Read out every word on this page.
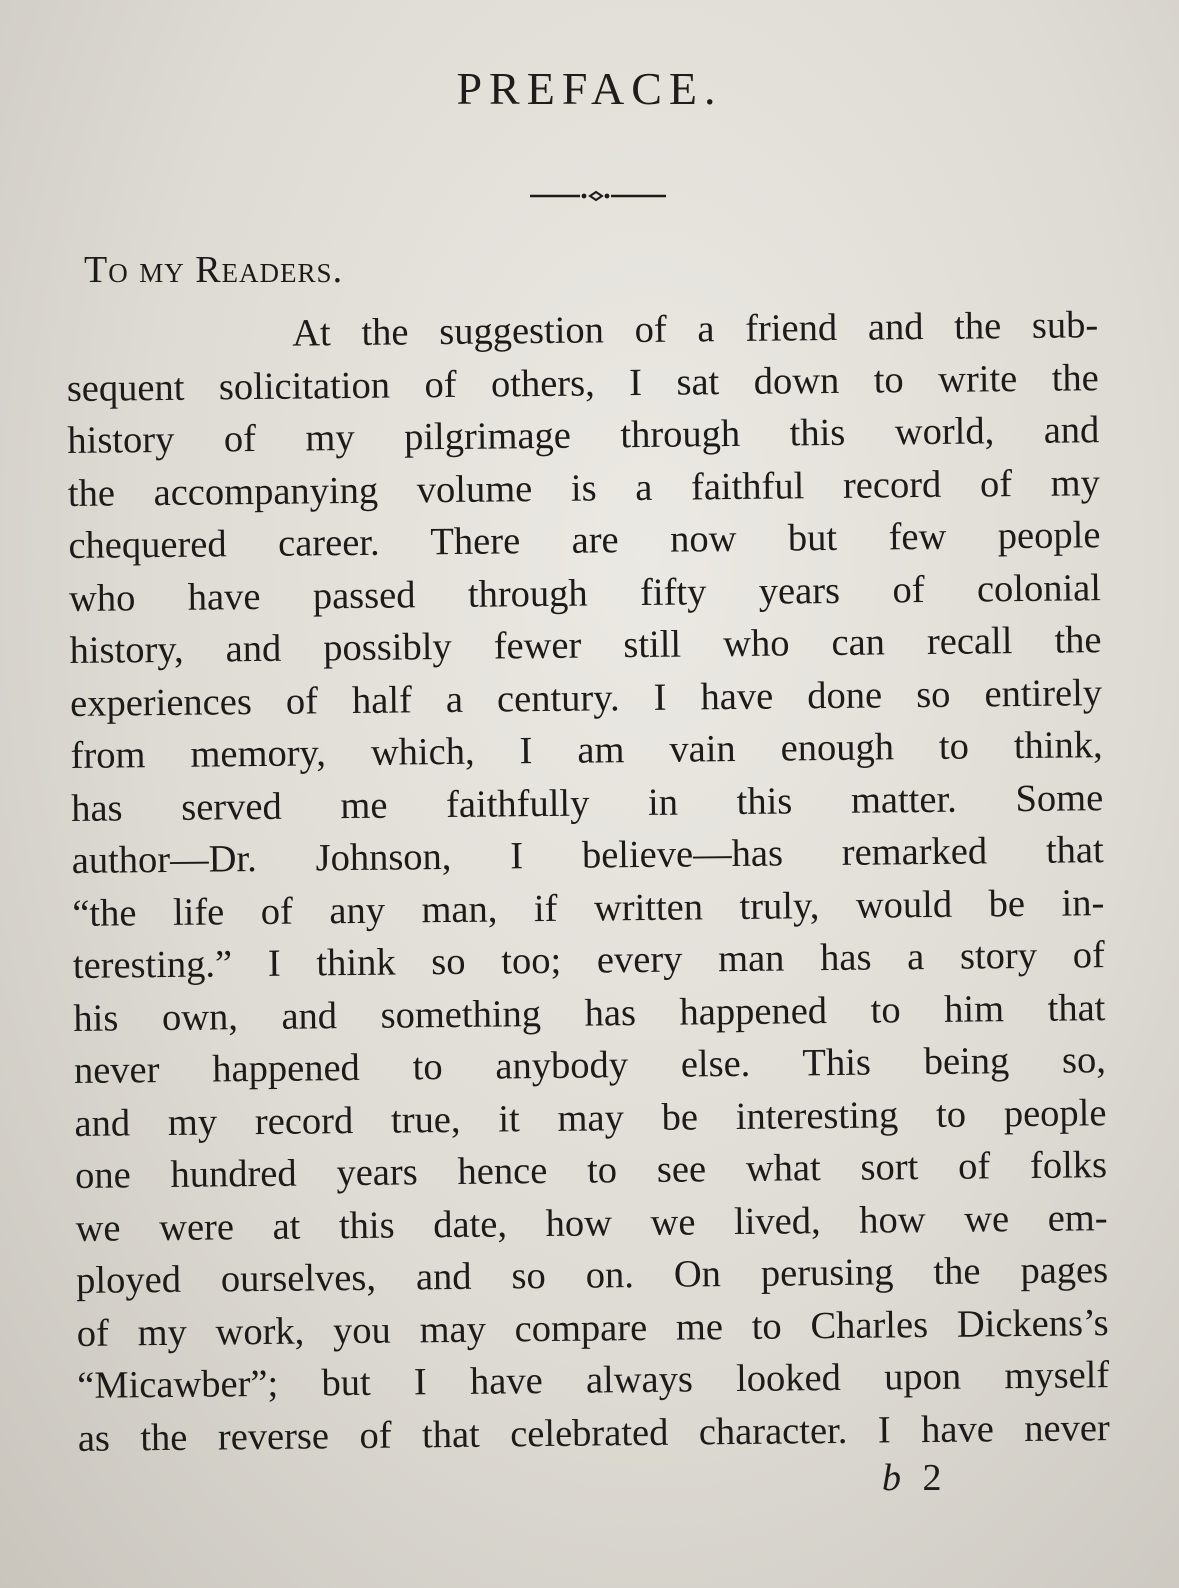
PREFACE.
To my Readers.
At the suggestion of a friend and the sub-
sequent solicitation of others, I sat down to write the
history of my pilgrimage through this world, and
the accompanying volume is a faithful record of my
chequered career. There are now but few people
who have passed through fifty years of colonial
history, and possibly fewer still who can recall the
experiences of half a century. I have done so entirely
from memory, which, I am vain enough to think,
has served me faithfully in this matter. Some
author—Dr. Johnson, I believe—has remarked that
“the life of any man, if written truly, would be in-
teresting.” I think so too; every man has a story of
his own, and something has happened to him that
never happened to anybody else. This being so,
and my record true, it may be interesting to people
one hundred years hence to see what sort of folks
we were at this date, how we lived, how we em-
ployed ourselves, and so on. On perusing the pages
of my work, you may compare me to Charles Dickens’s
“Micawber”; but I have always looked upon myself
as the reverse of that celebrated character. I have never
b 2
